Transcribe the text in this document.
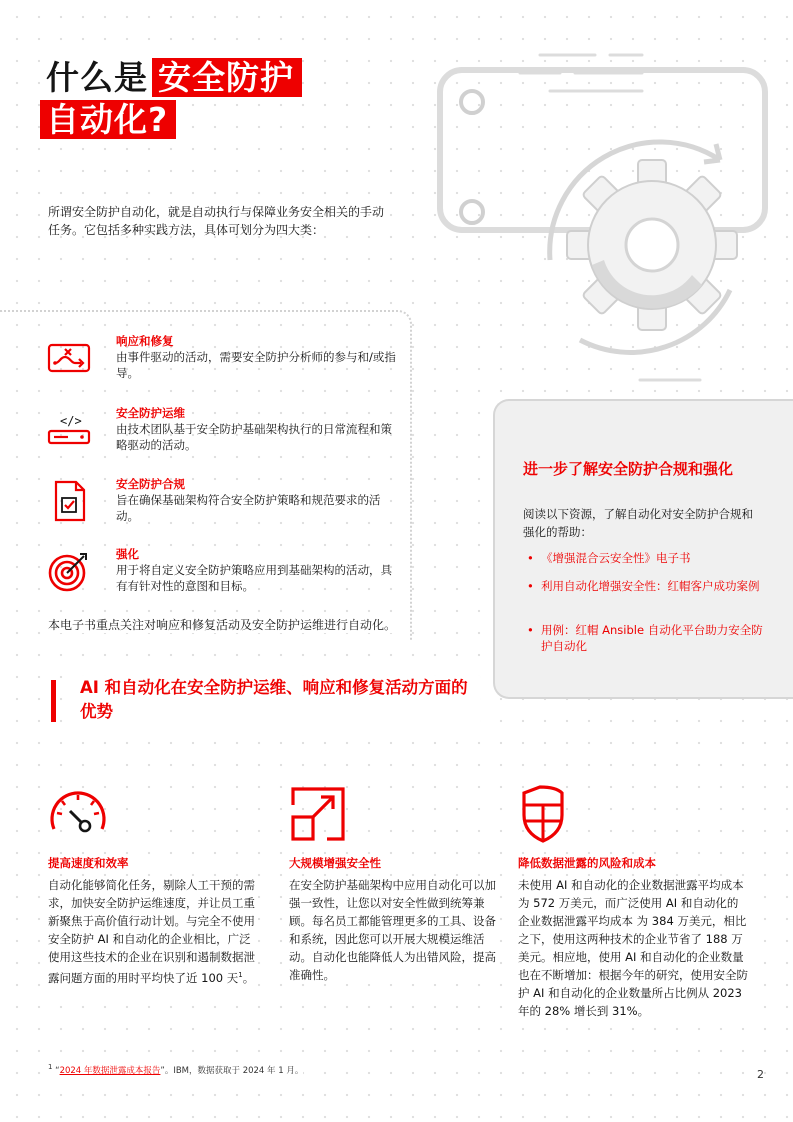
什么是 安全防护
自动化?
所谓安全防护自动化，就是自动执行与保障业务安全相关的手动任务。它包括多种实践方法，具体可划分为四大类：
响应和修复
由事件驱动的活动，需要安全防护分析师的参与和/或指导。
</>
安全防护运维
由技术团队基于安全防护基础架构执行的日常流程和策略驱动的活动。
安全防护合规
旨在确保基础架构符合安全防护策略和规范要求的活动。
强化
用于将自定义安全防护策略应用到基础架构的活动，具有有针对性的意图和目标。
本电子书重点关注对响应和修复活动及安全防护运维进行自动化。
进一步了解安全防护合规和强化
阅读以下资源，了解自动化对安全防护合规和强化的帮助：
• 《增强混合云安全性》电子书
• 利用自动化增强安全性：红帽客户成功案例
• 用例：红帽 Ansible 自动化平台助力安全防护自动化
AI 和自动化在安全防护运维、响应和修复活动方面的优势
提高速度和效率
自动化能够简化任务，剔除人工干预的需求，加快安全防护运维速度，并让员工重新聚焦于高价值行动计划。与完全不使用安全防护 AI 和自动化的企业相比，广泛使用这些技术的企业在识别和遏制数据泄露问题方面的用时平均快了近 100 天$^1$。
大规模增强安全性
在安全防护基础架构中应用自动化可以加强一致性，让您以对安全性做到统筹兼顾。每名员工都能管理更多的工具、设备和系统，因此您可以开展大规模运维活动。自动化也能降低人为出错风险，提高准确性。
降低数据泄露的风险和成本
未使用 AI 和自动化的企业数据泄露平均成本为 572 万美元，而广泛使用 AI 和自动化的企业数据泄露平均成本 为 384 万美元，相比之下，使用这两种技术的企业节省了 188 万美元。相应地，使用 AI 和自动化的企业数量也在不断增加：根据今年的研究，使用安全防护 AI 和自动化的企业数量所占比例从 2023 年的 28% 增长到 31%。
$^1$ “2024 年数据泄露成本报告”。IBM，数据获取于 2024 年 1 月。	2
